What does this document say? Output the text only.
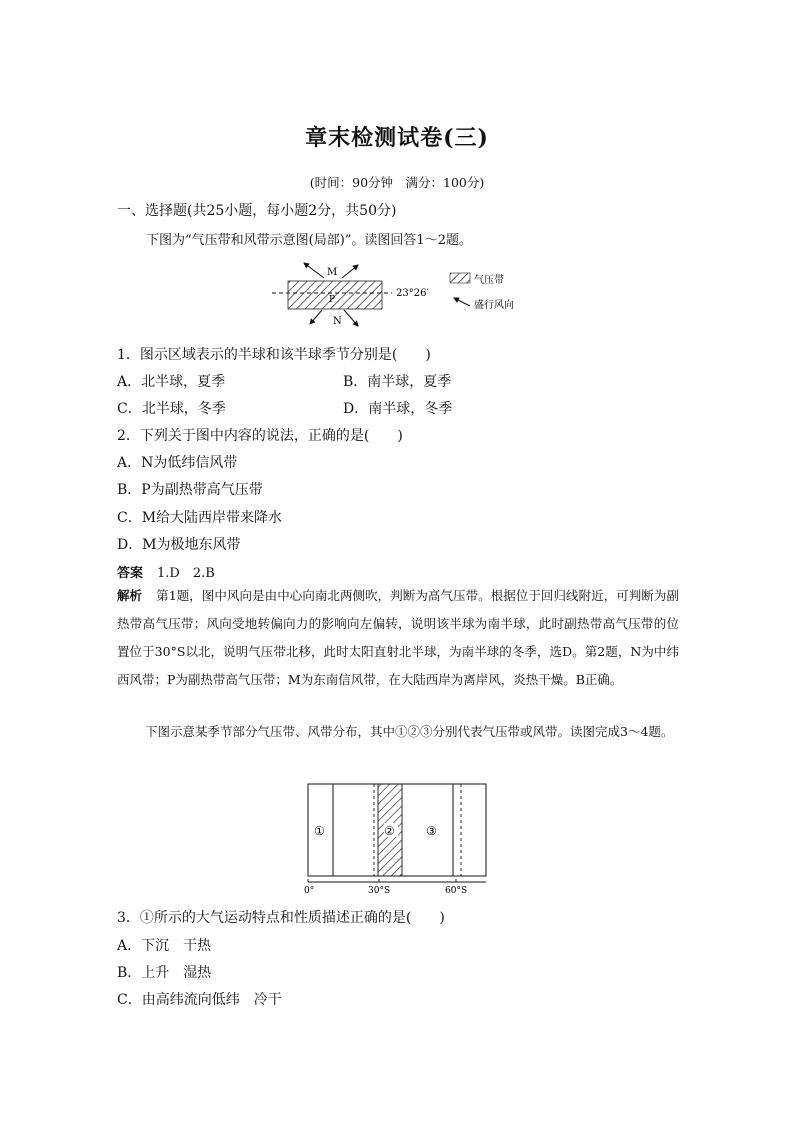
章末检测试卷(三)
(时间：90分钟　满分：100分)
一、选择题(共25小题，每小题2分，共50分)
下图为“气压带和风带示意图(局部)”。读图回答1～2题。
M
P
N
23°26′
气压带
盛行风向
1．图示区域表示的半球和该半球季节分别是(　　)
A．北半球，夏季	B．南半球，夏季
C．北半球，冬季	D．南半球，冬季
2．下列关于图中内容的说法，正确的是(　　)
A．N为低纬信风带
B．P为副热带高气压带
C．M给大陆西岸带来降水
D．M为极地东风带
答案 1.D　2.B
解析 第1题，图中风向是由中心向南北两侧吹，判断为高气压带。根据位于回归线附近，可判断为副热带高气压带；风向受地转偏向力的影响向左偏转，说明该半球为南半球，此时副热带高气压带的位置位于30°S以北，说明气压带北移，此时太阳直射北半球，为南半球的冬季，选D。第2题，N为中纬西风带；P为副热带高气压带；M为东南信风带，在大陆西岸为离岸风，炎热干燥。B正确。
下图示意某季节部分气压带、风带分布，其中①②③分别代表气压带或风带。读图完成3～4题。
①	②	③
0°	30°S	60°S
3．①所示的大气运动特点和性质描述正确的是(　　)
A．下沉　干热
B．上升　湿热
C．由高纬流向低纬　冷干
